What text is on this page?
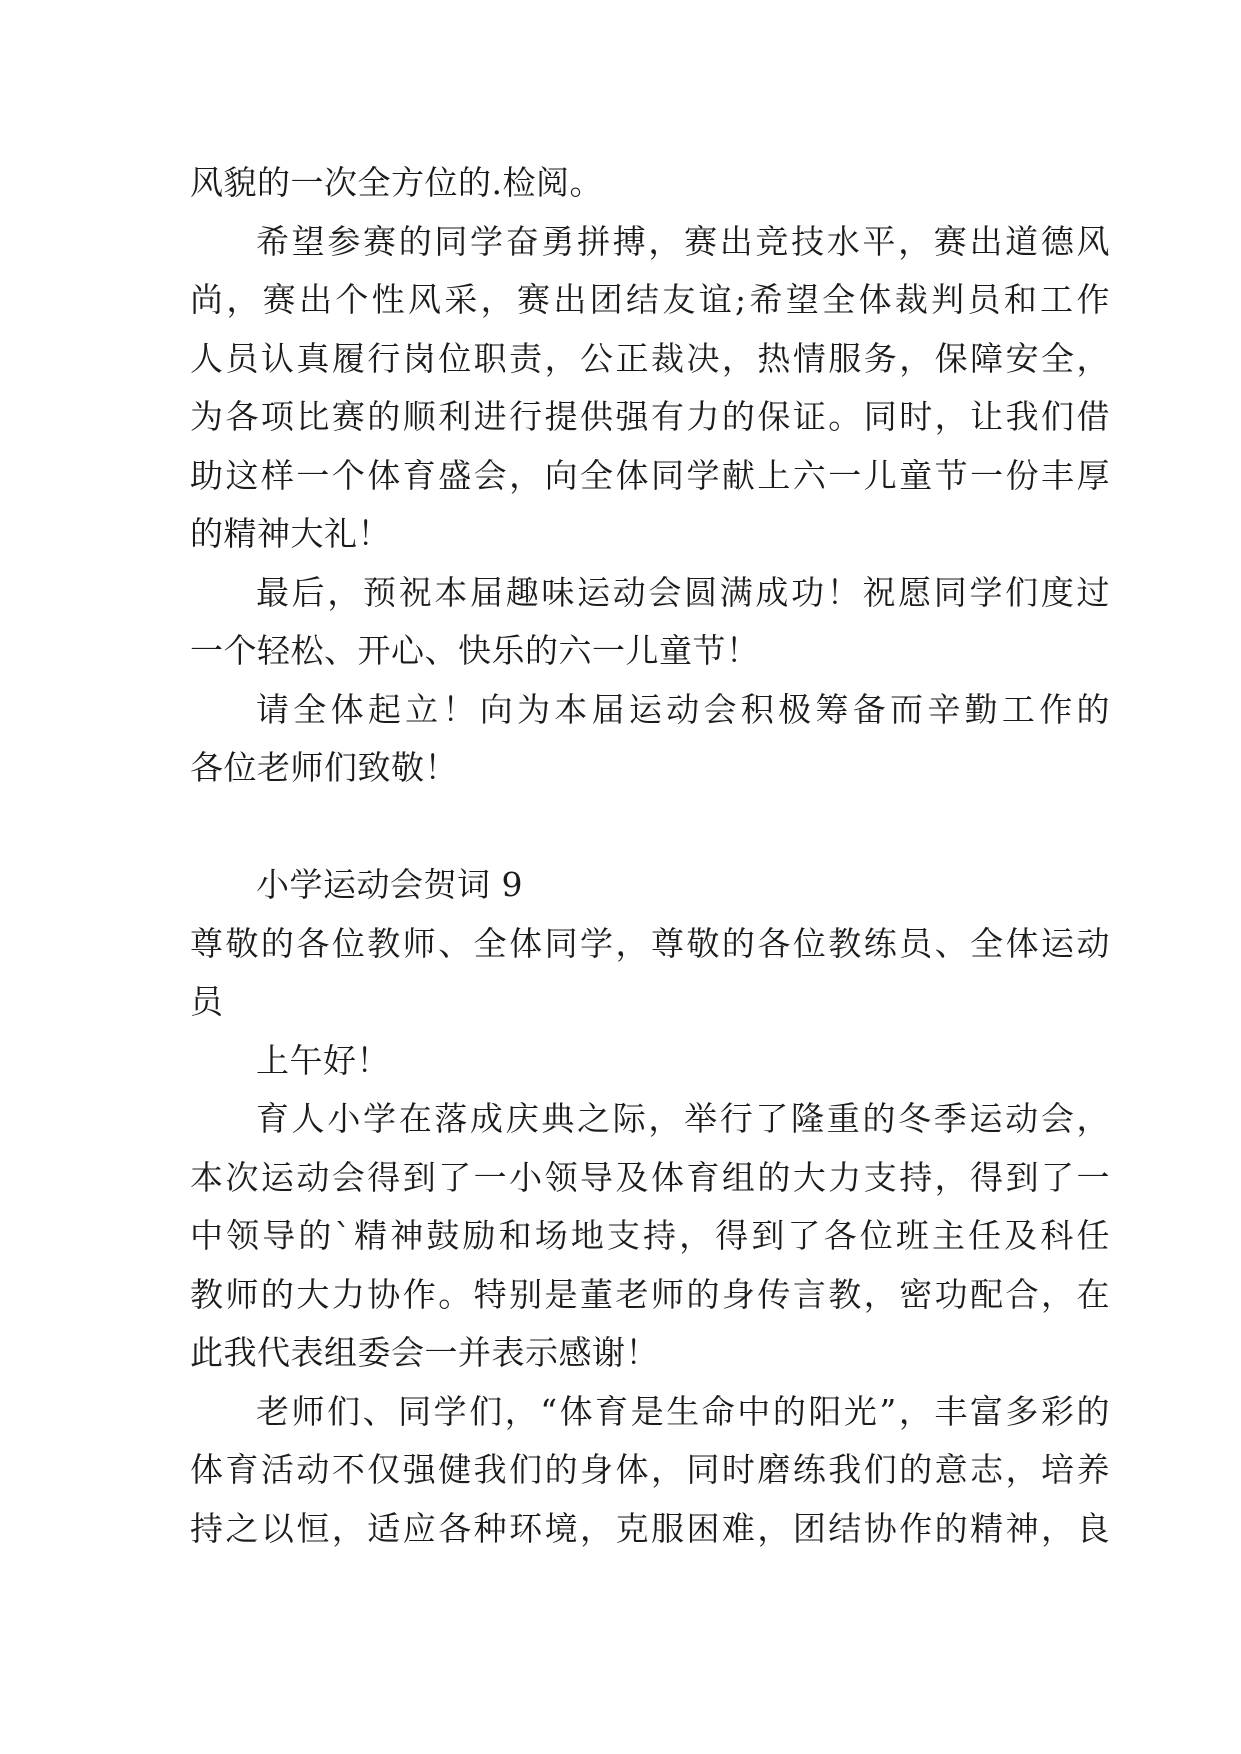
风貌的一次全方位的.检阅。
希望参赛的同学奋勇拼搏，赛出竞技水平，赛出道德风
尚，赛出个性风采，赛出团结友谊;希望全体裁判员和工作
人员认真履行岗位职责，公正裁决，热情服务，保障安全，
为各项比赛的顺利进行提供强有力的保证。同时，让我们借
助这样一个体育盛会，向全体同学献上六一儿童节一份丰厚
的精神大礼！
最后，预祝本届趣味运动会圆满成功！祝愿同学们度过
一个轻松、开心、快乐的六一儿童节！
请全体起立！向为本届运动会积极筹备而辛勤工作的
各位老师们致敬！
小学运动会贺词 9
尊敬的各位教师、全体同学，尊敬的各位教练员、全体运动
员
上午好！
育人小学在落成庆典之际，举行了隆重的冬季运动会，
本次运动会得到了一小领导及体育组的大力支持，得到了一
中领导的`精神鼓励和场地支持，得到了各位班主任及科任
教师的大力协作。特别是董老师的身传言教，密功配合，在
此我代表组委会一并表示感谢！
老师们、同学们，“体育是生命中的阳光”，丰富多彩的
体育活动不仅强健我们的身体，同时磨练我们的意志，培养
持之以恒，适应各种环境，克服困难，团结协作的精神，良
